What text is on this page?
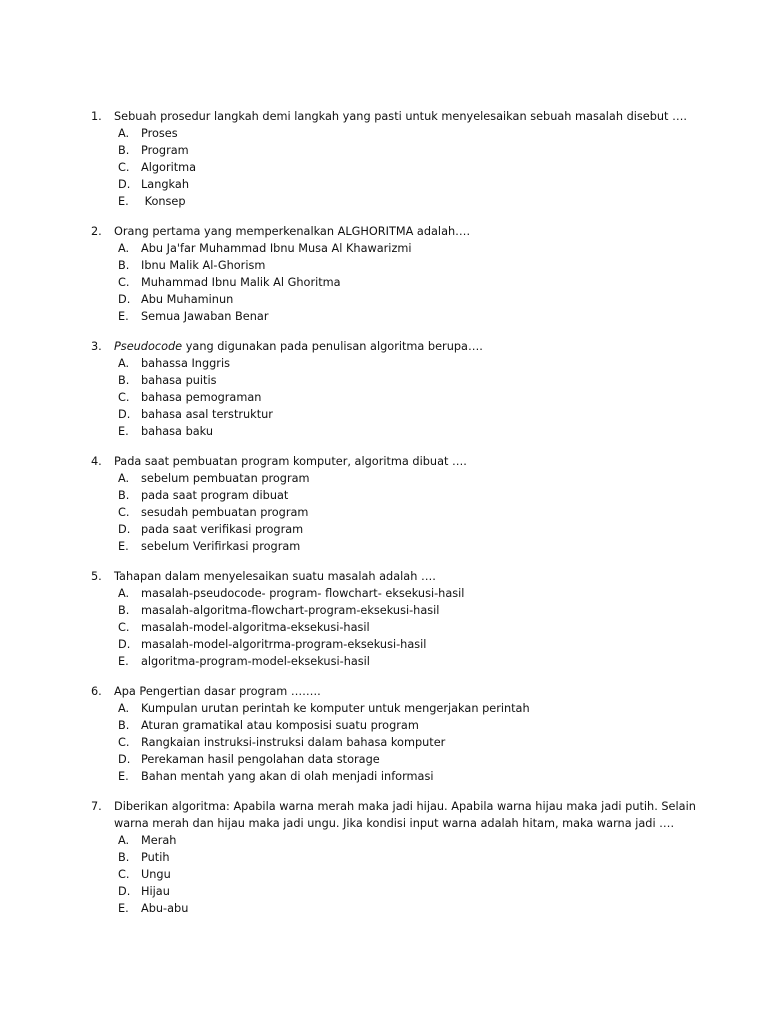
1.	Sebuah prosedur langkah demi langkah yang pasti untuk menyelesaikan sebuah masalah disebut ….
A.	Proses
B.	Program
C.	Algoritma
D. Langkah
E.	Konsep
2.	Orang pertama yang memperkenalkan ALGHORITMA adalah….
A.	Abu Ja'far Muhammad Ibnu Musa Al Khawarizmi
B.	Ibnu Malik Al-Ghorism
C.	Muhammad Ibnu Malik Al Ghoritma
D. Abu Muhaminun
E.	Semua Jawaban Benar
3.	Pseudocode yang digunakan pada penulisan algoritma berupa….
A.	bahassa Inggris
B.	bahasa puitis
C.	bahasa pemograman
D. bahasa asal terstruktur
E.	bahasa baku
4.	Pada saat pembuatan program komputer, algoritma dibuat ….
A.	sebelum pembuatan program
B.	pada saat program dibuat
C.	sesudah pembuatan program
D. pada saat verifikasi program
E.	sebelum Verifirkasi program
5.	Tahapan dalam menyelesaikan suatu masalah adalah ….
A.	masalah-pseudocode- program- flowchart- eksekusi-hasil
B.	masalah-algoritma-flowchart-program-eksekusi-hasil
C.	masalah-model-algoritma-eksekusi-hasil
D. masalah-model-algoritrma-program-eksekusi-hasil
E.	algoritma-program-model-eksekusi-hasil
6.	Apa Pengertian dasar program ……..
A.	Kumpulan urutan perintah ke komputer untuk mengerjakan perintah
B.	Aturan gramatikal atau komposisi suatu program
C.	Rangkaian instruksi-instruksi dalam bahasa komputer
D. Perekaman hasil pengolahan data storage
E.	Bahan mentah yang akan di olah menjadi informasi
7.	Diberikan algoritma: Apabila warna merah maka jadi hijau. Apabila warna hijau maka jadi putih. Selain warna merah dan hijau maka jadi ungu. Jika kondisi input warna adalah hitam, maka warna jadi ….
A.	Merah
B.	Putih
C.	Ungu
D. Hijau
E.	Abu-abu
